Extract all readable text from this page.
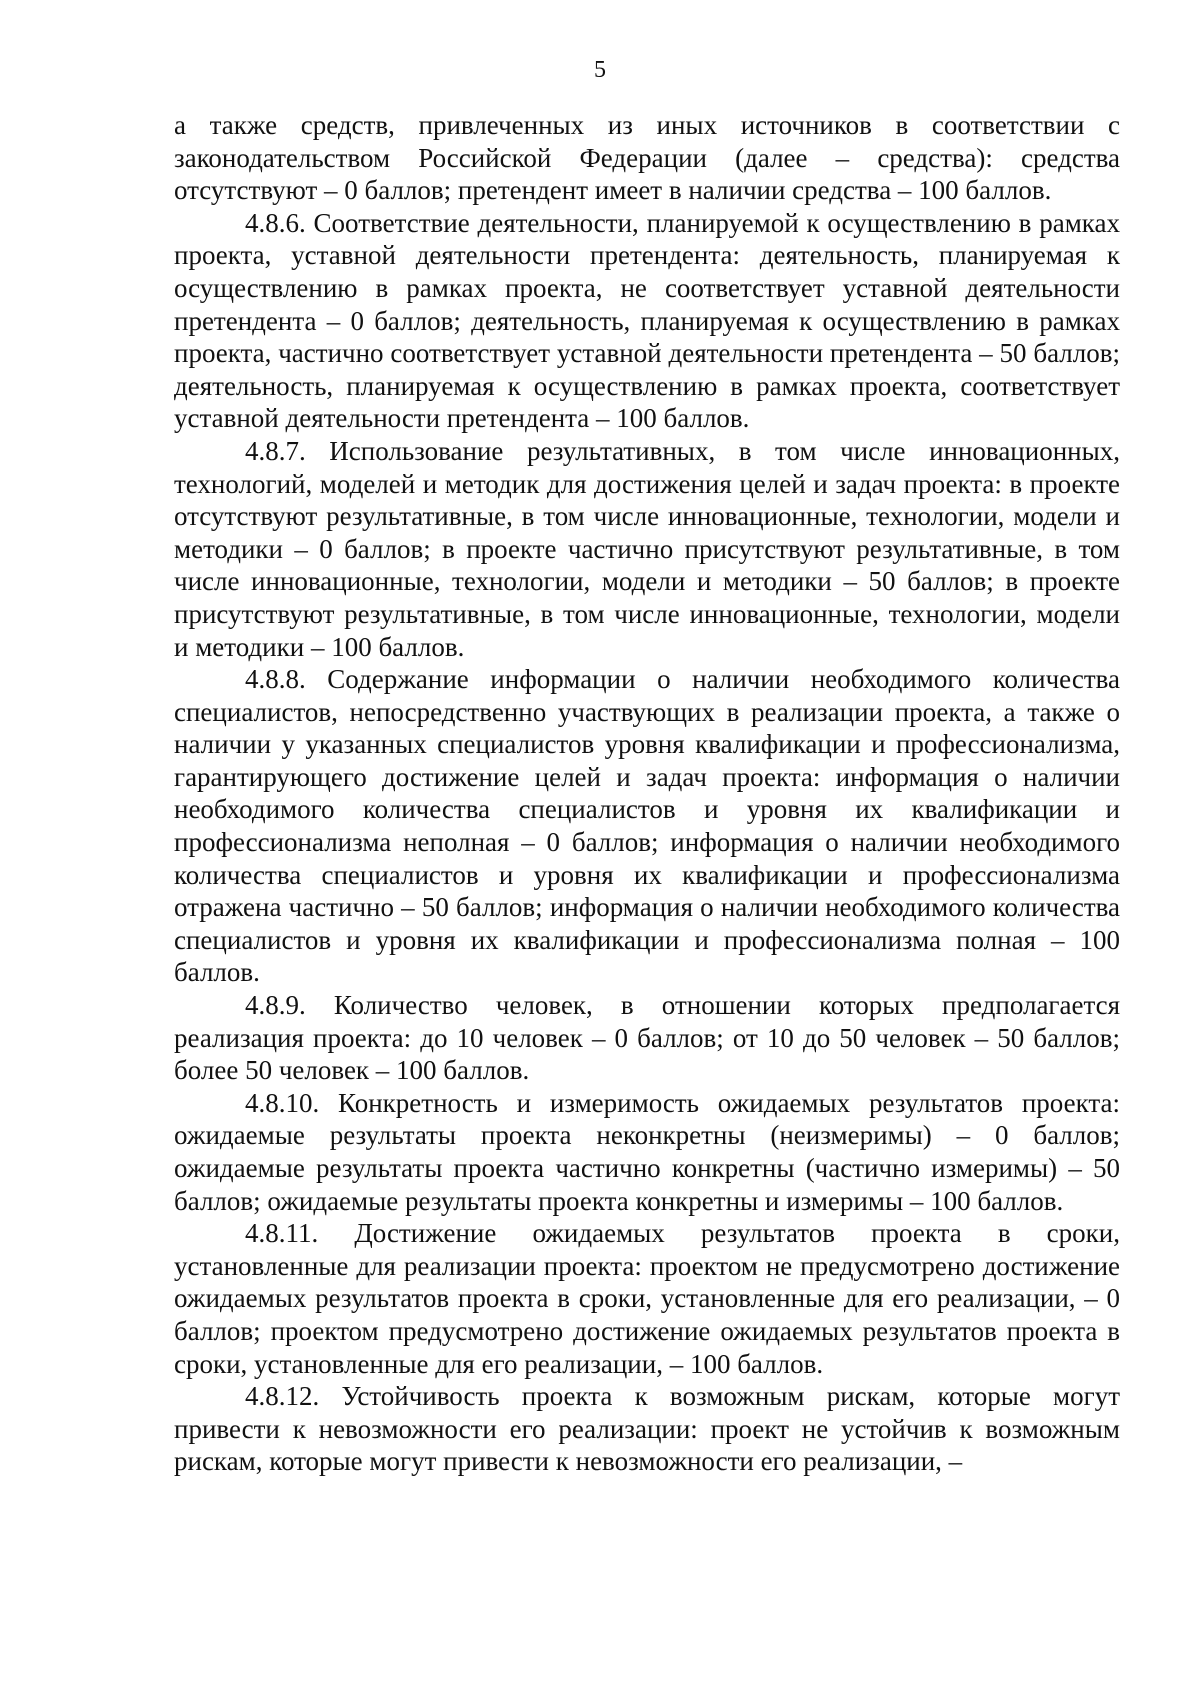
5

а также средств, привлеченных из иных источников в соответствии с законодательством Российской Федерации (далее – средства): средства отсутствуют – 0 баллов; претендент имеет в наличии средства – 100 баллов.

4.8.6. Соответствие деятельности, планируемой к осуществлению в рамках проекта, уставной деятельности претендента: деятельность, планируемая к осуществлению в рамках проекта, не соответствует уставной деятельности претендента – 0 баллов; деятельность, планируемая к осуществлению в рамках проекта, частично соответствует уставной деятельности претендента – 50 баллов; деятельность, планируемая к осуществлению в рамках проекта, соответствует уставной деятельности претендента – 100 баллов.

4.8.7. Использование результативных, в том числе инновационных, технологий, моделей и методик для достижения целей и задач проекта: в проекте отсутствуют результативные, в том числе инновационные, технологии, модели и методики – 0 баллов; в проекте частично присутствуют результативные, в том числе инновационные, технологии, модели и методики – 50 баллов; в проекте присутствуют результативные, в том числе инновационные, технологии, модели и методики – 100 баллов.

4.8.8. Содержание информации о наличии необходимого количества специалистов, непосредственно участвующих в реализации проекта, а также о наличии у указанных специалистов уровня квалификации и профессионализма, гарантирующего достижение целей и задач проекта: информация о наличии необходимого количества специалистов и уровня их квалификации и профессионализма неполная – 0 баллов; информация о наличии необходимого количества специалистов и уровня их квалификации и профессионализма отражена частично – 50 баллов; информация о наличии необходимого количества специалистов и уровня их квалификации и профессионализма полная – 100 баллов.

4.8.9. Количество человек, в отношении которых предполагается реализация проекта: до 10 человек – 0 баллов; от 10 до 50 человек – 50 баллов; более 50 человек – 100 баллов.

4.8.10. Конкретность и измеримость ожидаемых результатов проекта: ожидаемые результаты проекта неконкретны (неизмеримы) – 0 баллов; ожидаемые результаты проекта частично конкретны (частично измеримы) – 50 баллов; ожидаемые результаты проекта конкретны и измеримы – 100 баллов.

4.8.11. Достижение ожидаемых результатов проекта в сроки, установленные для реализации проекта: проектом не предусмотрено достижение ожидаемых результатов проекта в сроки, установленные для его реализации, – 0 баллов; проектом предусмотрено достижение ожидаемых результатов проекта в сроки, установленные для его реализации, – 100 баллов.

4.8.12. Устойчивость проекта к возможным рискам, которые могут привести к невозможности его реализации: проект не устойчив к возможным рискам, которые могут привести к невозможности его реализации, –
